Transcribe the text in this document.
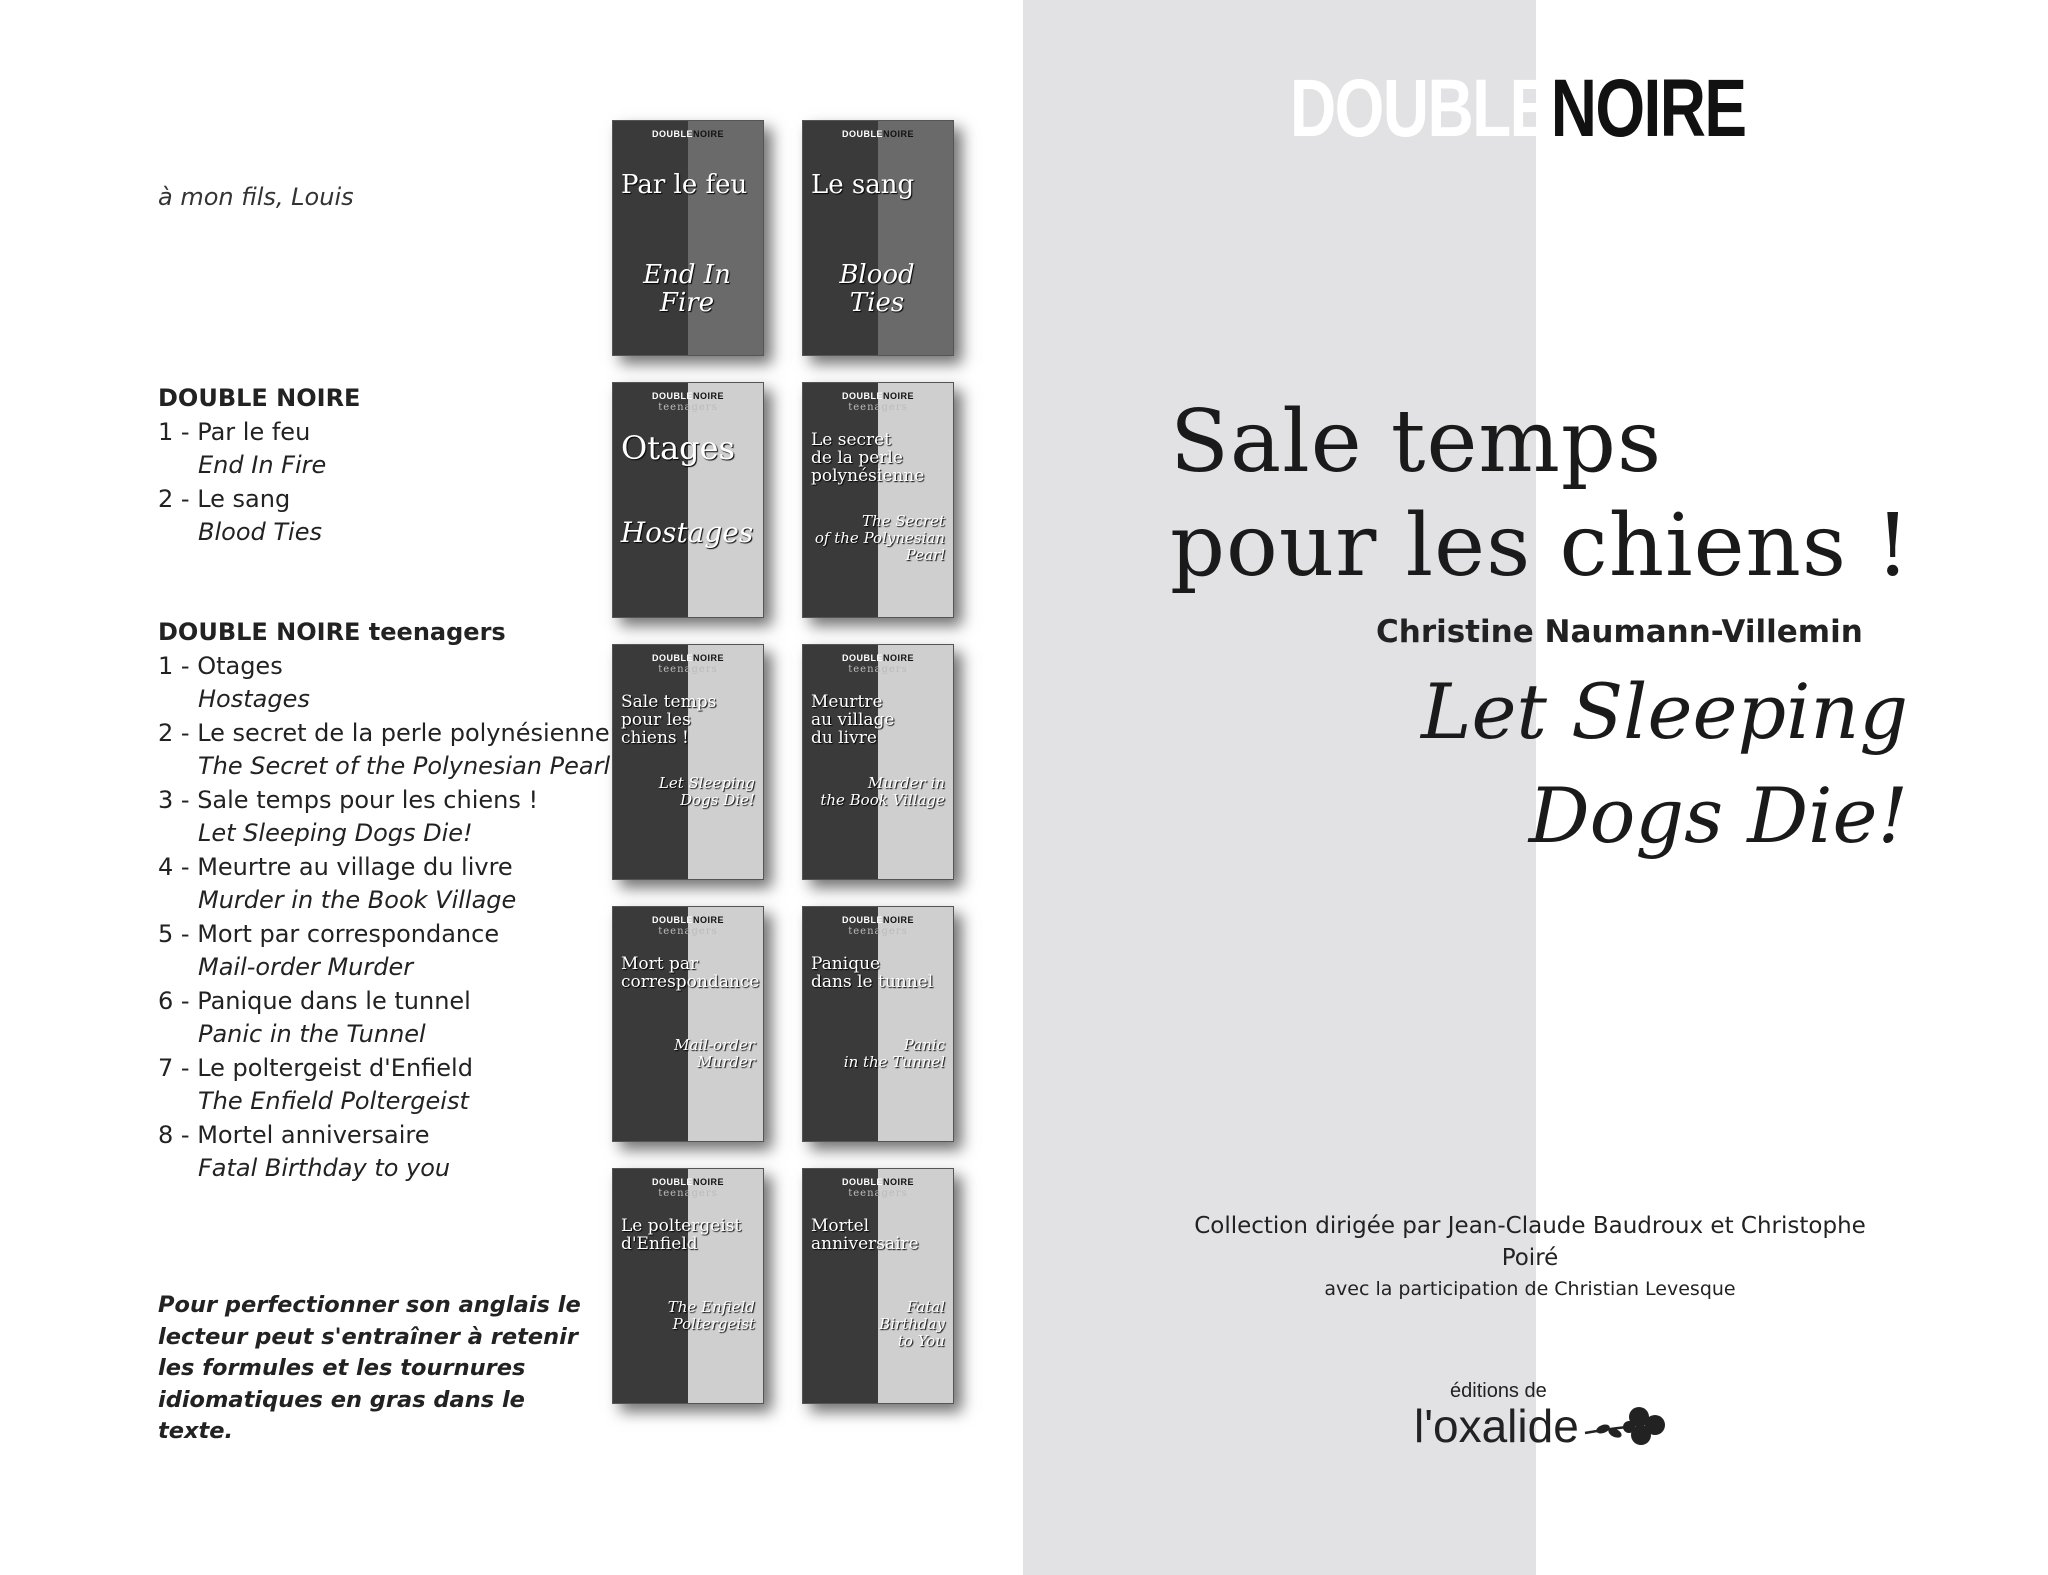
à mon fils, Louis
DOUBLE NOIRE
1 - Par le feu
End In Fire
2 - Le sang
Blood Ties
DOUBLE NOIRE teenagers
1 - Otages
Hostages
2 - Le secret de la perle polynésienne
The Secret of the Polynesian Pearl
3 - Sale temps pour les chiens !
Let Sleeping Dogs Die!
4 - Meurtre au village du livre
Murder in the Book Village
5 - Mort par correspondance
Mail-order Murder
6 - Panique dans le tunnel
Panic in the Tunnel
7 - Le poltergeist d'Enfield
The Enfield Poltergeist
8 - Mortel anniversaire
Fatal Birthday to you
Pour perfectionner son anglais le lecteur peut s'entraîner à retenir les formules et les tournures idiomatiques en gras dans le texte.
DOUBLENOIRE
Par le feu
End In Fire
DOUBLENOIRE
Le sang
Blood Ties
DOUBLENOIRE
teenagers
Otages
Hostages
DOUBLENOIRE
teenagers
Le secret
de la perle
polynésienne
The Secret
of the Polynesian
Pearl
DOUBLENOIRE
teenagers
Sale temps
pour les
chiens !
Let Sleeping
Dogs Die!
DOUBLENOIRE
teenagers
Meurtre
au village
du livre
Murder in
the Book Village
DOUBLENOIRE
teenagers
Mort par
correspondance
Mail-order
Murder
DOUBLENOIRE
teenagers
Panique
dans le tunnel
Panic
in the Tunnel
DOUBLENOIRE
teenagers
Le poltergeist
d'Enfield
The Enfield
Poltergeist
DOUBLENOIRE
teenagers
Mortel
anniversaire
Fatal
Birthday
to You
DOUBLENOIRE
Sale temps
pour les chiens !
Christine Naumann-Villemin
Let Sleeping
Dogs Die!
Collection dirigée par Jean-Claude Baudroux et Christophe Poiré
avec la participation de Christian Levesque
éditions de
l'oxalide
